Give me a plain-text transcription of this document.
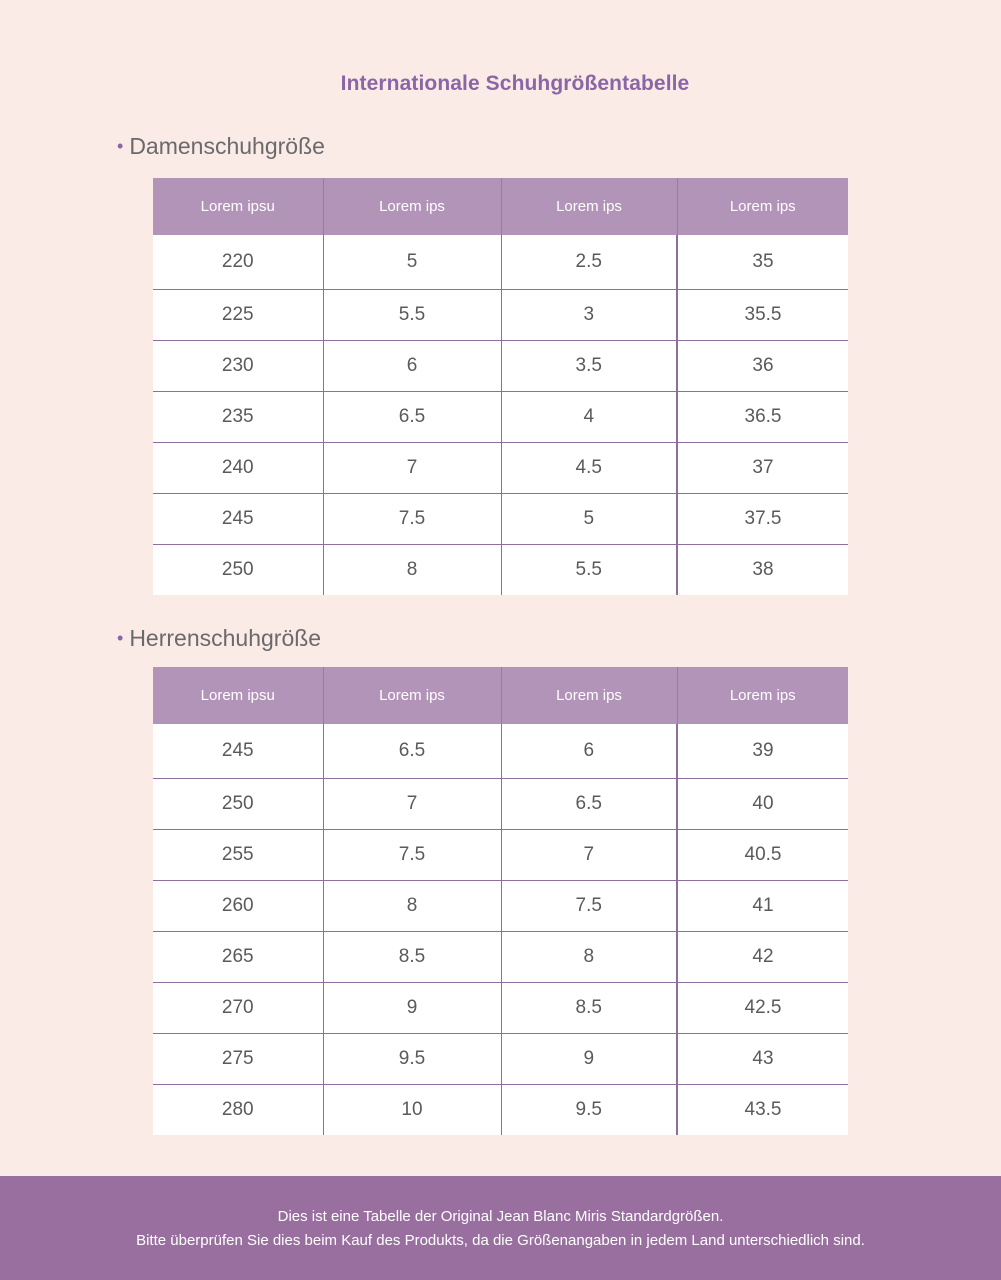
Internationale Schuhgrößentabelle
• Damenschuhgröße
Lorem ipsu	Lorem ips	Lorem ips	Lorem ips
220	5	2.5	35
225	5.5	3	35.5
230	6	3.5	36
235	6.5	4	36.5
240	7	4.5	37
245	7.5	5	37.5
250	8	5.5	38
• Herrenschuhgröße
Lorem ipsu	Lorem ips	Lorem ips	Lorem ips
245	6.5	6	39
250	7	6.5	40
255	7.5	7	40.5
260	8	7.5	41
265	8.5	8	42
270	9	8.5	42.5
275	9.5	9	43
280	10	9.5	43.5
Dies ist eine Tabelle der Original Jean Blanc Miris Standardgrößen.
Bitte überprüfen Sie dies beim Kauf des Produkts, da die Größenangaben in jedem Land unterschiedlich sind.
